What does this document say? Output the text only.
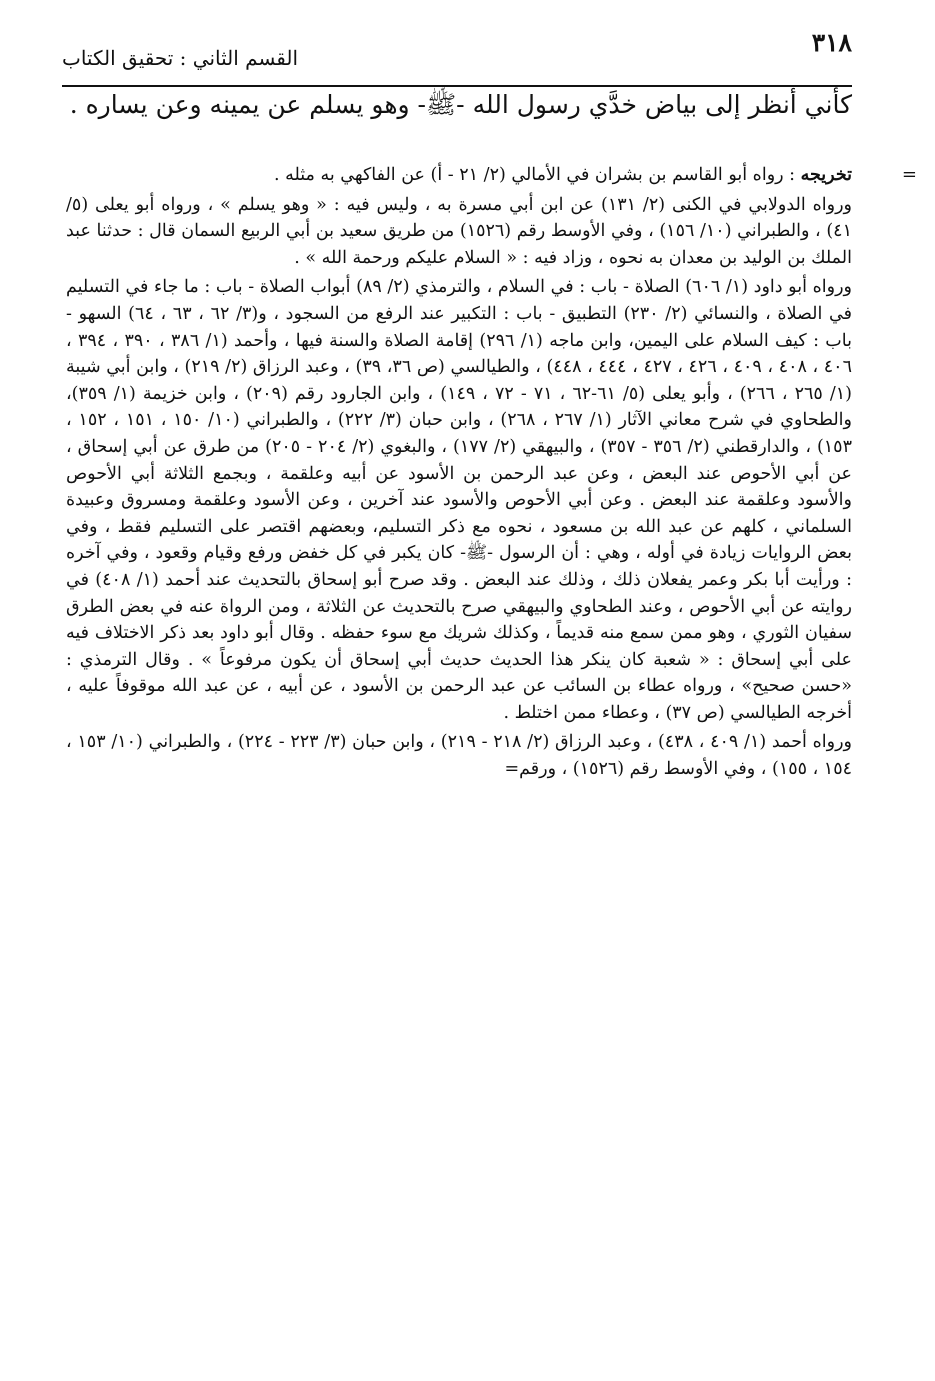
٣١٨
القسم الثاني : تحقيق الكتاب

كأني أنظر إلى بياض خدَّي رسول الله -ﷺ- وهو يسلم عن يمينه وعن يساره .

=

تخريجه : رواه أبو القاسم بن بشران في الأمالي (٢/ ٢١ - أ) عن الفاكهي به مثله .

ورواه الدولابي في الكنى (٢/ ١٣١) عن ابن أبي مسرة به ، وليس فيه : « وهو يسلم » ، ورواه أبو يعلى (٥/ ٤١) ، والطبراني (١٠/ ١٥٦) ، وفي الأوسط رقم (١٥٢٦) من طريق سعيد بن أبي الربيع السمان قال : حدثنا عبد الملك بن الوليد بن معدان به نحوه ، وزاد فيه : « السلام عليكم ورحمة الله » .

ورواه أبو داود (١/ ٦٠٦) الصلاة - باب : في السلام ، والترمذي (٢/ ٨٩) أبواب الصلاة - باب : ما جاء في التسليم في الصلاة ، والنسائي (٢/ ٢٣٠) التطبيق - باب : التكبير عند الرفع من السجود ، و(٣/ ٦٢ ، ٦٣ ، ٦٤) السهو - باب : كيف السلام على اليمين، وابن ماجه (١/ ٢٩٦) إقامة الصلاة والسنة فيها ، وأحمد (١/ ٣٨٦ ، ٣٩٠ ، ٣٩٤ ، ٤٠٦ ، ٤٠٨ ، ٤٠٩ ، ٤٢٦ ، ٤٢٧ ، ٤٤٤ ، ٤٤٨) ، والطيالسي (ص ٣٦، ٣٩) ، وعبد الرزاق (٢/ ٢١٩) ، وابن أبي شيبة (١/ ٢٦٥ ، ٢٦٦) ، وأبو يعلى (٥/ ٦١-٦٢ ، ٧١ - ٧٢ ، ١٤٩) ، وابن الجارود رقم (٢٠٩) ، وابن خزيمة (١/ ٣٥٩)، والطحاوي في شرح معاني الآثار (١/ ٢٦٧ ، ٢٦٨) ، وابن حبان (٣/ ٢٢٢) ، والطبراني (١٠/ ١٥٠ ، ١٥١ ، ١٥٢ ، ١٥٣) ، والدارقطني (٢/ ٣٥٦ - ٣٥٧) ، والبيهقي (٢/ ١٧٧) ، والبغوي (٢/ ٢٠٤ - ٢٠٥) من طرق عن أبي إسحاق ، عن أبي الأحوص عند البعض ، وعن عبد الرحمن بن الأسود عن أبيه وعلقمة ، وبجمع الثلاثة أبي الأحوص والأسود وعلقمة عند البعض . وعن أبي الأحوص والأسود عند آخرين ، وعن الأسود وعلقمة ومسروق وعبيدة السلماني ، كلهم عن عبد الله بن مسعود ، نحوه مع ذكر التسليم، وبعضهم اقتصر على التسليم فقط ، وفي بعض الروايات زيادة في أوله ، وهي : أن الرسول -ﷺ- كان يكبر في كل خفض ورفع وقيام وقعود ، وفي آخره : ورأيت أبا بكر وعمر يفعلان ذلك ، وذلك عند البعض . وقد صرح أبو إسحاق بالتحديث عند أحمد (١/ ٤٠٨) في روايته عن أبي الأحوص ، وعند الطحاوي والبيهقي صرح بالتحديث عن الثلاثة ، ومن الرواة عنه في بعض الطرق سفيان الثوري ، وهو ممن سمع منه قديماً ، وكذلك شريك مع سوء حفظه . وقال أبو داود بعد ذكر الاختلاف فيه على أبي إسحاق : « شعبة كان ينكر هذا الحديث حديث أبي إسحاق أن يكون مرفوعاً » . وقال الترمذي : «حسن صحيح» ، ورواه عطاء بن السائب عن عبد الرحمن بن الأسود ، عن أبيه ، عن عبد الله موقوفاً عليه ، أخرجه الطيالسي (ص ٣٧) ، وعطاء ممن اختلط .

ورواه أحمد (١/ ٤٠٩ ، ٤٣٨) ، وعبد الرزاق (٢/ ٢١٨ - ٢١٩) ، وابن حبان (٣/ ٢٢٣ - ٢٢٤) ، والطبراني (١٠/ ١٥٣ ، ١٥٤ ، ١٥٥) ، وفي الأوسط رقم (١٥٢٦) ، ورقم=
